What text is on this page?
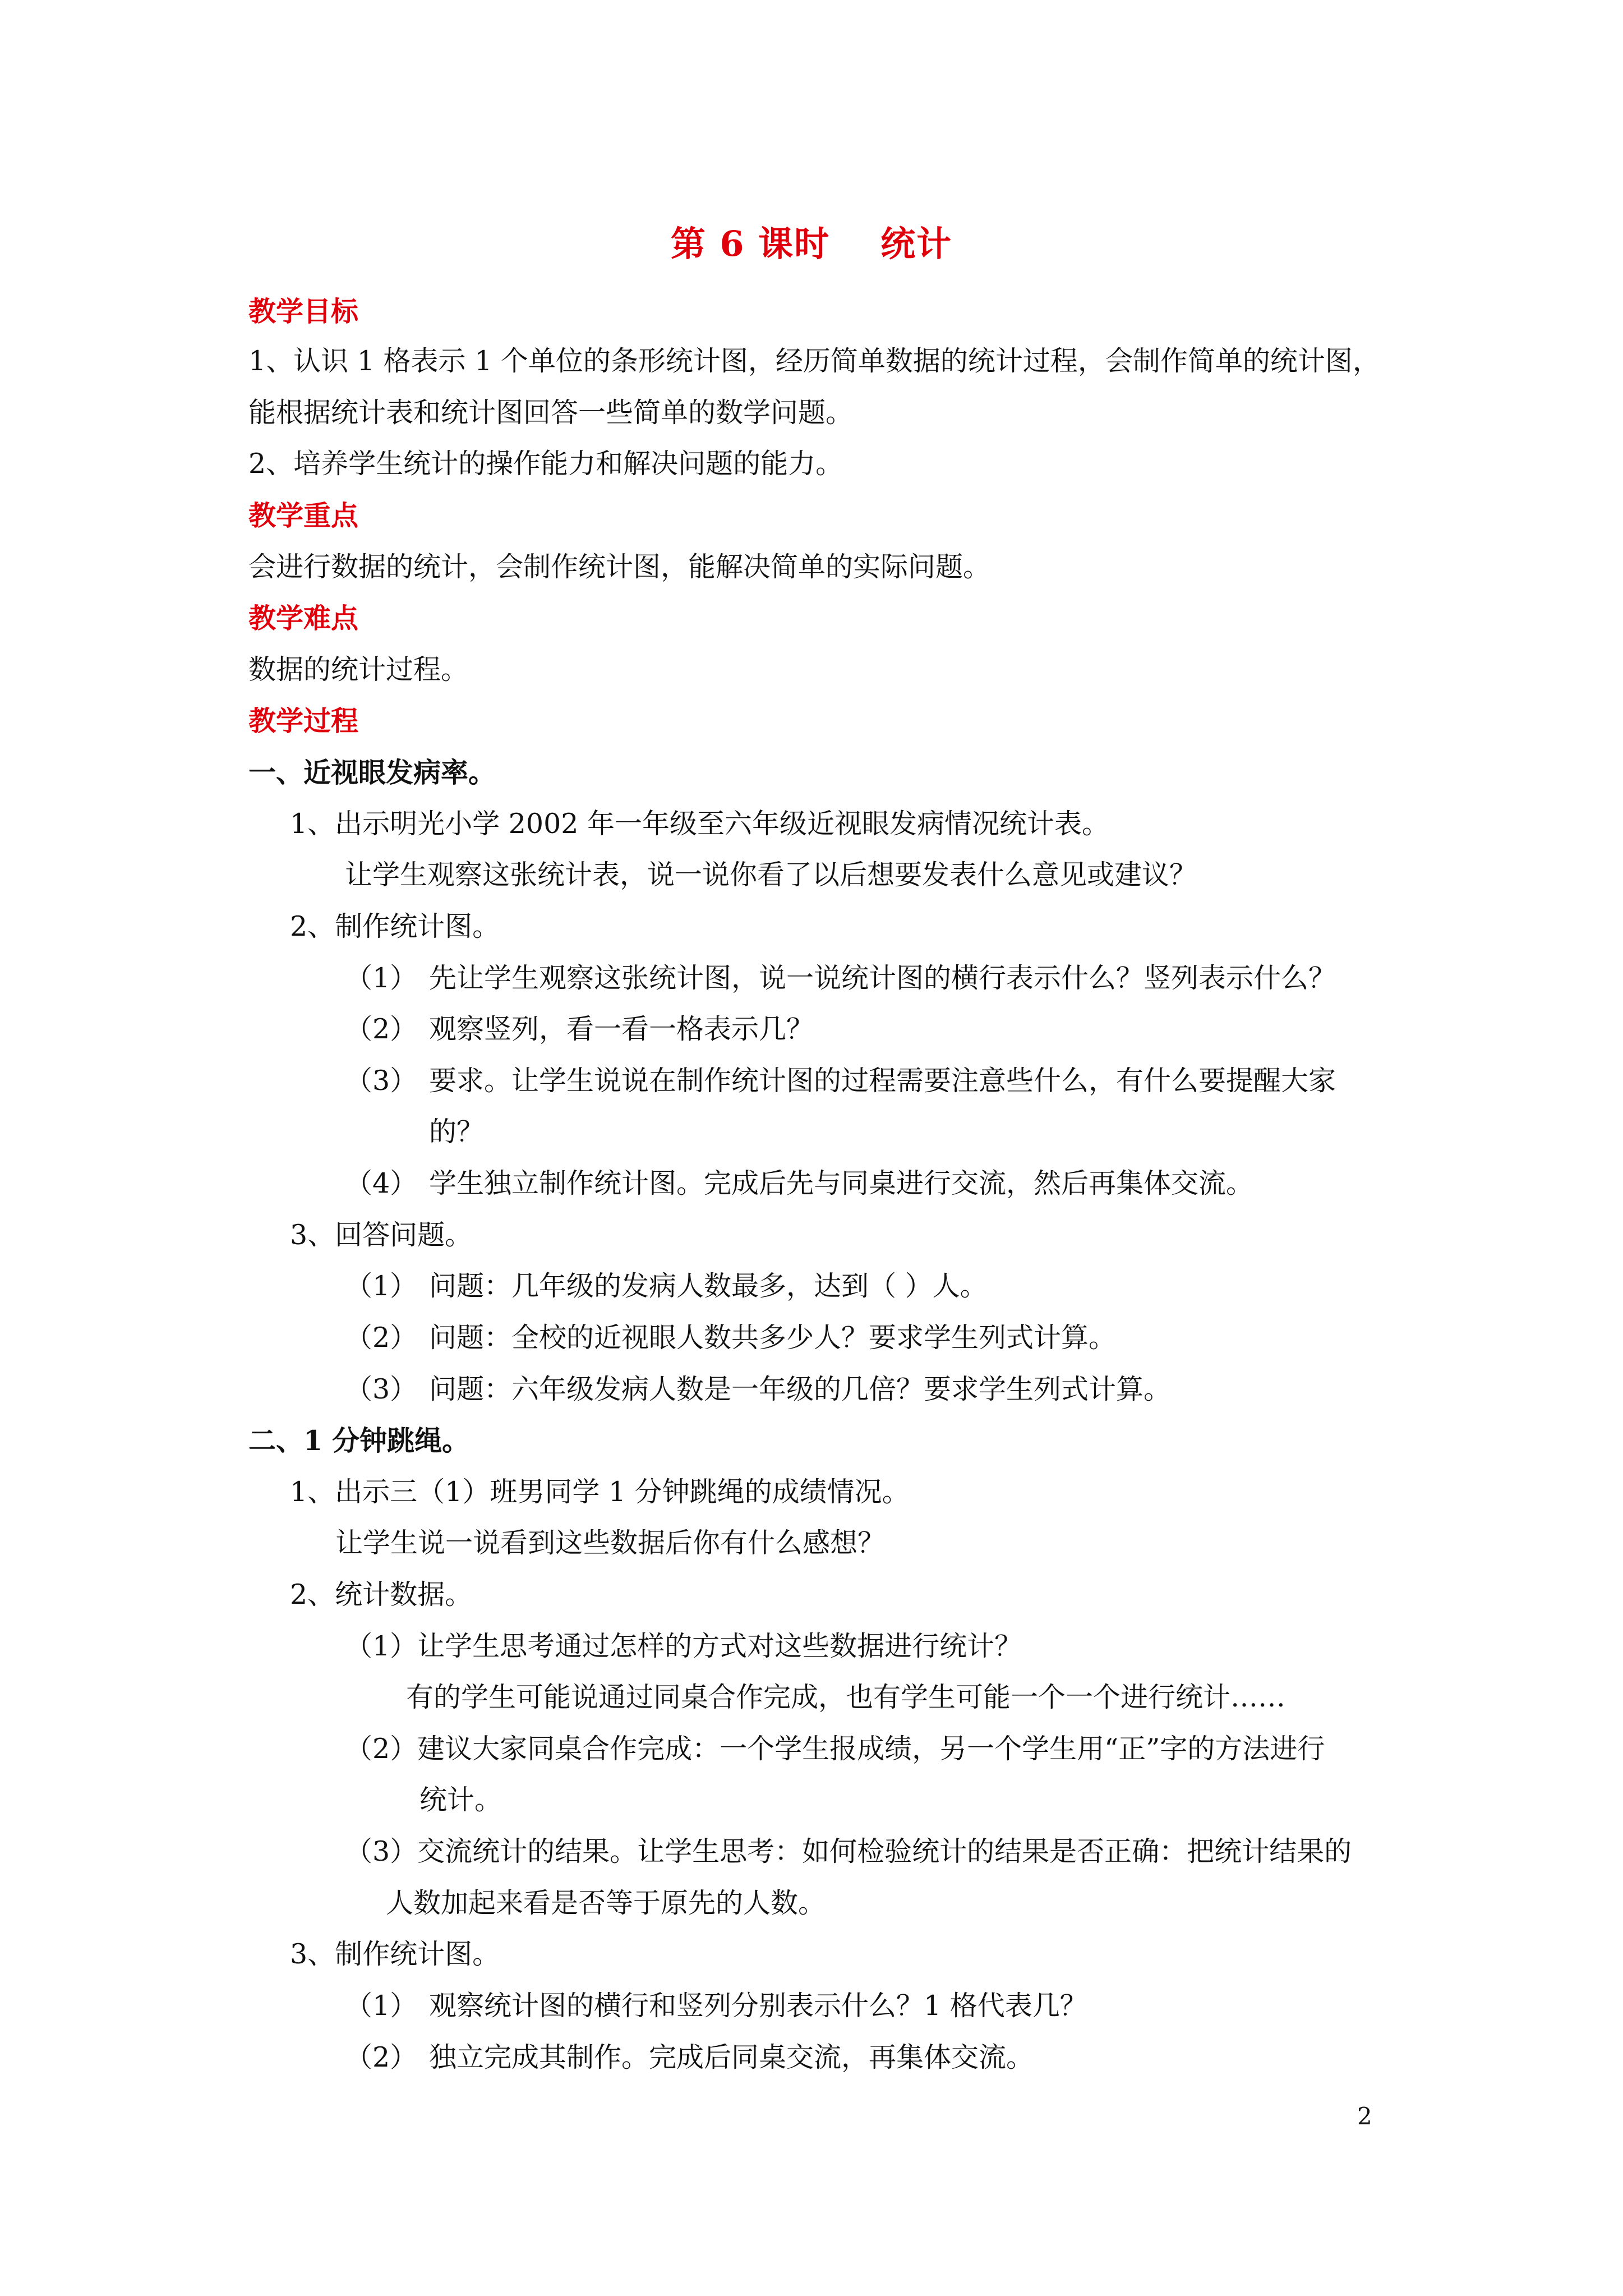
第 6 课时 统计
教学目标
1、认识 1 格表示 1 个单位的条形统计图，经历简单数据的统计过程，会制作简单的统计图，
能根据统计表和统计图回答一些简单的数学问题。
2、培养学生统计的操作能力和解决问题的能力。
教学重点
会进行数据的统计，会制作统计图，能解决简单的实际问题。
教学难点
数据的统计过程。
教学过程
一、近视眼发病率。
1、出示明光小学 2002 年一年级至六年级近视眼发病情况统计表。
让学生观察这张统计表，说一说你看了以后想要发表什么意见或建议？
2、制作统计图。
（1） 先让学生观察这张统计图，说一说统计图的横行表示什么？竖列表示什么？
（2） 观察竖列，看一看一格表示几？
（3） 要求。让学生说说在制作统计图的过程需要注意些什么，有什么要提醒大家
的？
（4） 学生独立制作统计图。完成后先与同桌进行交流，然后再集体交流。
3、回答问题。
（1） 问题：几年级的发病人数最多，达到（ ）人。
（2） 问题：全校的近视眼人数共多少人？要求学生列式计算。
（3） 问题：六年级发病人数是一年级的几倍？要求学生列式计算。
二、1 分钟跳绳。
1、出示三（1）班男同学 1 分钟跳绳的成绩情况。
让学生说一说看到这些数据后你有什么感想？
2、统计数据。
（1）让学生思考通过怎样的方式对这些数据进行统计？
有的学生可能说通过同桌合作完成，也有学生可能一个一个进行统计……
（2）建议大家同桌合作完成：一个学生报成绩，另一个学生用“正”字的方法进行
统计。
（3）交流统计的结果。让学生思考：如何检验统计的结果是否正确：把统计结果的
人数加起来看是否等于原先的人数。
3、制作统计图。
（1） 观察统计图的横行和竖列分别表示什么？1 格代表几？
（2） 独立完成其制作。完成后同桌交流，再集体交流。
2
